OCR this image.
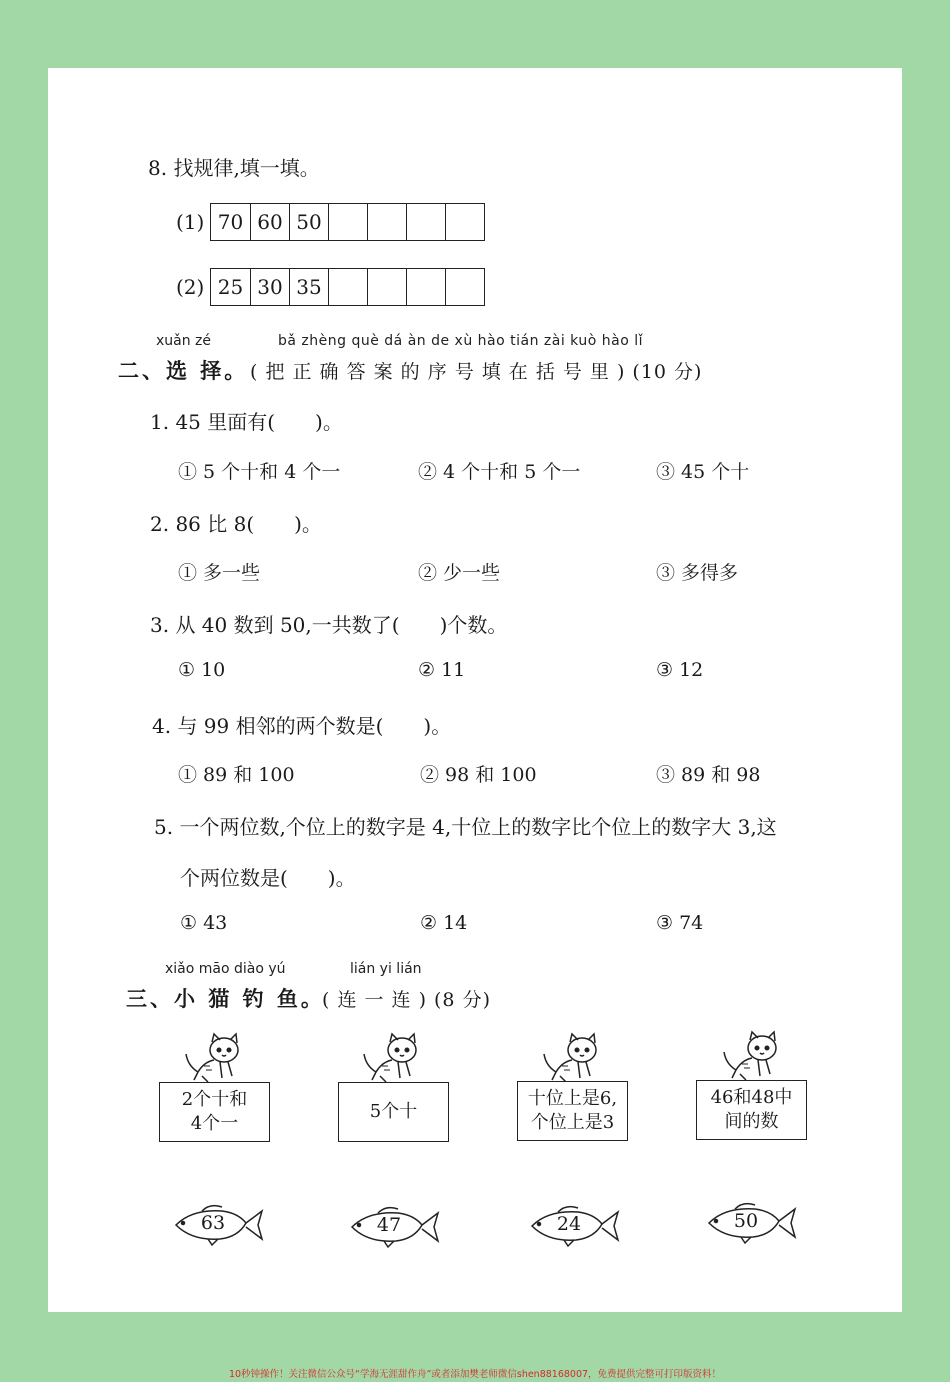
8. 找规律,填一填。
(1) 70 60 50
(2) 25 30 35
xuǎn zé	bǎ zhèng què dá àn de xù hào tián zài kuò hào lǐ
二、选 择。 ( 把 正 确 答 案 的 序 号 填 在 括 号 里 ) (10 分)
1. 45 里面有(　　)。
① 5 个十和 4 个一	② 4 个十和 5 个一	③ 45 个十
2. 86 比 8(　　)。
① 多一些	② 少一些	③ 多得多
3. 从 40 数到 50,一共数了(　　)个数。
① 10	② 11	③ 12
4. 与 99 相邻的两个数是(　　)。
① 89 和 100	② 98 和 100	③ 89 和 98
5. 一个两位数,个位上的数字是 4,十位上的数字比个位上的数字大 3,这
个两位数是(　　)。
① 43	② 14	③ 74
xiǎo māo diào yú	lián yi lián
三、小 猫 钓 鱼。
( 连 一 连 ) (8 分)
2个十和
4个一
5个十
十位上是6,
个位上是3
46和48中
间的数
63	47	24	50
10秒钟操作！关注微信公众号“学海无涯甜作舟”或者添加樊老师微信shen88168007，免费提供完整可打印版资料！
